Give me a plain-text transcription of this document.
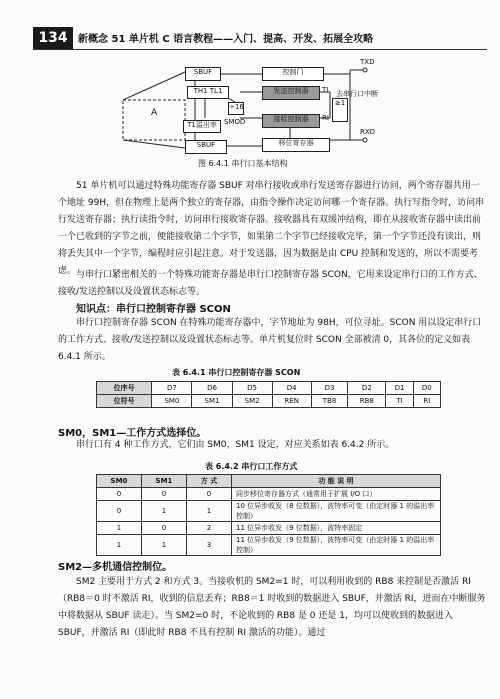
134	新概念 51 单片机 C 语言教程——入门、提高、开发、拓展全攻略
SBUF	控制门
TXD
TH1 TL1	发送控制器	TI 去串行口中断
≥1
÷16
SMOD
T1溢出率
接收控制器	RI
移位寄存器
RXD
SBUF
A
图 6.4.1 串行口基本结构
51 单片机可以通过特殊功能寄存器 SBUF 对串行接收或串行发送寄存器进行访问，两个寄存器共用一个地址 99H，但在物理上是两个独立的寄存器，由指令操作决定访问哪一个寄存器。执行写指令时，访问串行发送寄存器；执行读指令时，访问串行接收寄存器。接收器具有双缓冲结构，即在从接收寄存器中读出前一个已收到的字节之前，便能接收第二个字节，如果第二个字节已经接收完毕，第一个字节还没有读出，则将丢失其中一个字节，编程时应引起注意。对于发送器，因为数据是由 CPU 控制和发送的，所以不需要考虑。 与串行口紧密相关的一个特殊功能寄存器是串行口控制寄存器 SCON，它用来设定串行口的工作方式、接收/发送控制以及设置状态标志等。
知识点：串行口控制寄存器 SCON
串行口控制寄存器 SCON 在特殊功能寄存器中，字节地址为 98H，可位寻址。SCON 用以设定串行口的工作方式、接收/发送控制以及设置状态标志等。单片机复位时 SCON 全部被清 0，其各位的定义如表 6.4.1 所示。
表 6.4.1 串行口控制寄存器 SCON
位序号	D7	D6	D5	D4	D3	D2	D1	D0
位符号	SM0	SM1	SM2	REN	TB8	RB8	TI	RI
SM0，SM1—工作方式选择位。
串行口有 4 种工作方式，它们由 SM0，SM1 设定，对应关系如表 6.4.2 所示。
表 6.4.2 串行口工作方式
SM0	SM1	方 式	功 能 说 明
0	0	0	同步移位寄存器方式（通常用于扩展 I/O 口）
0	1	1	10 位异步收发（8 位数据），波特率可变（由定时器 1 的溢出率控制）
1	0	2	11 位异步收发（9 位数据），波特率固定
1	1	3	11 位异步收发（9 位数据），波特率可变（由定时器 1 的溢出率控制）
SM2—多机通信控制位。
SM2 主要用于方式 2 和方式 3。当接收机的 SM2=1 时，可以利用收到的 RB8 来控制是否激活 RI（RB8＝0 时不激活 RI，收到的信息丢弃；RB8＝1 时收到的数据进入 SBUF，并激活 RI，进而在中断服务中将数据从 SBUF 读走）。当 SM2=0 时，不论收到的 RB8 是 0 还是 1，均可以使收到的数据进入 SBUF，并激活 RI（即此时 RB8 不具有控制 RI 激活的功能）。通过
